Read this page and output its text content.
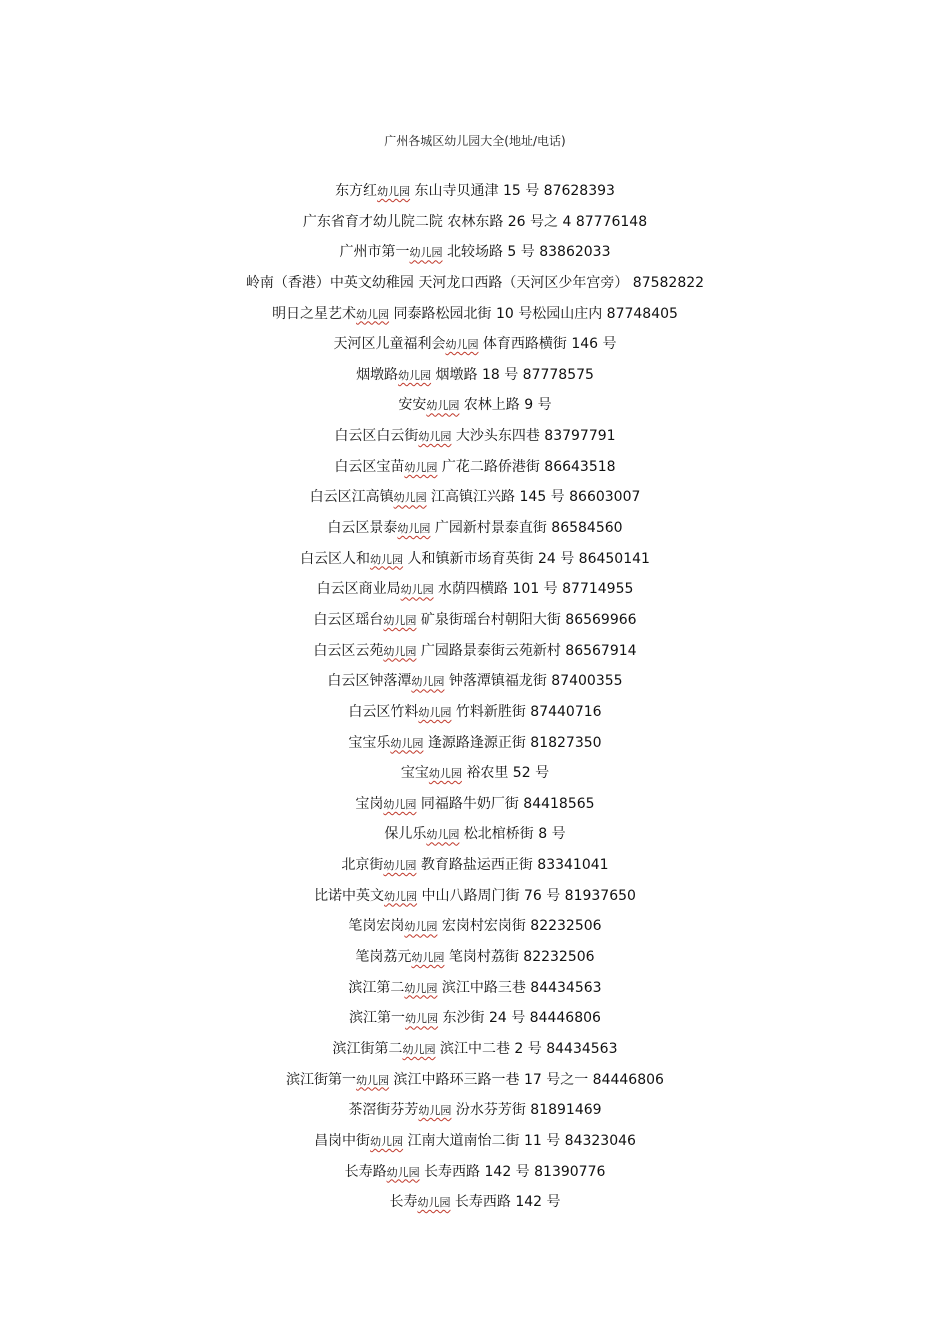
广州各城区幼儿园大全(地址/电话)
东方红幼儿园 东山寺贝通津 15 号 87628393
广东省育才幼儿院二院 农林东路 26 号之 4 87776148
广州市第一幼儿园 北较场路 5 号 83862033
岭南（香港）中英文幼稚园 天河龙口西路（天河区少年宫旁） 87582822
明日之星艺术幼儿园 同泰路松园北街 10 号松园山庄内 87748405
天河区儿童福利会幼儿园 体育西路横街 146 号
烟墩路幼儿园 烟墩路 18 号 87778575
安安幼儿园 农林上路 9 号
白云区白云街幼儿园 大沙头东四巷 83797791
白云区宝苗幼儿园 广花二路侨港街 86643518
白云区江高镇幼儿园 江高镇江兴路 145 号 86603007
白云区景泰幼儿园 广园新村景泰直街 86584560
白云区人和幼儿园 人和镇新市场育英街 24 号 86450141
白云区商业局幼儿园 水荫四横路 101 号 87714955
白云区瑶台幼儿园 矿泉街瑶台村朝阳大街 86569966
白云区云苑幼儿园 广园路景泰街云苑新村 86567914
白云区钟落潭幼儿园 钟落潭镇福龙街 87400355
白云区竹料幼儿园 竹料新胜街 87440716
宝宝乐幼儿园 逢源路逢源正街 81827350
宝宝幼儿园 裕农里 52 号
宝岗幼儿园 同福路牛奶厂街 84418565
保儿乐幼儿园 松北棺桥街 8 号
北京街幼儿园 教育路盐运西正街 83341041
比诺中英文幼儿园 中山八路周门街 76 号 81937650
笔岗宏岗幼儿园 宏岗村宏岗街 82232506
笔岗荔元幼儿园 笔岗村荔街 82232506
滨江第二幼儿园 滨江中路三巷 84434563
滨江第一幼儿园 东沙街 24 号 84446806
滨江街第二幼儿园 滨江中二巷 2 号 84434563
滨江街第一幼儿园 滨江中路环三路一巷 17 号之一 84446806
茶滘街芬芳幼儿园 汾水芬芳街 81891469
昌岗中街幼儿园 江南大道南怡二街 11 号 84323046
长寿路幼儿园 长寿西路 142 号 81390776
长寿幼儿园 长寿西路 142 号
